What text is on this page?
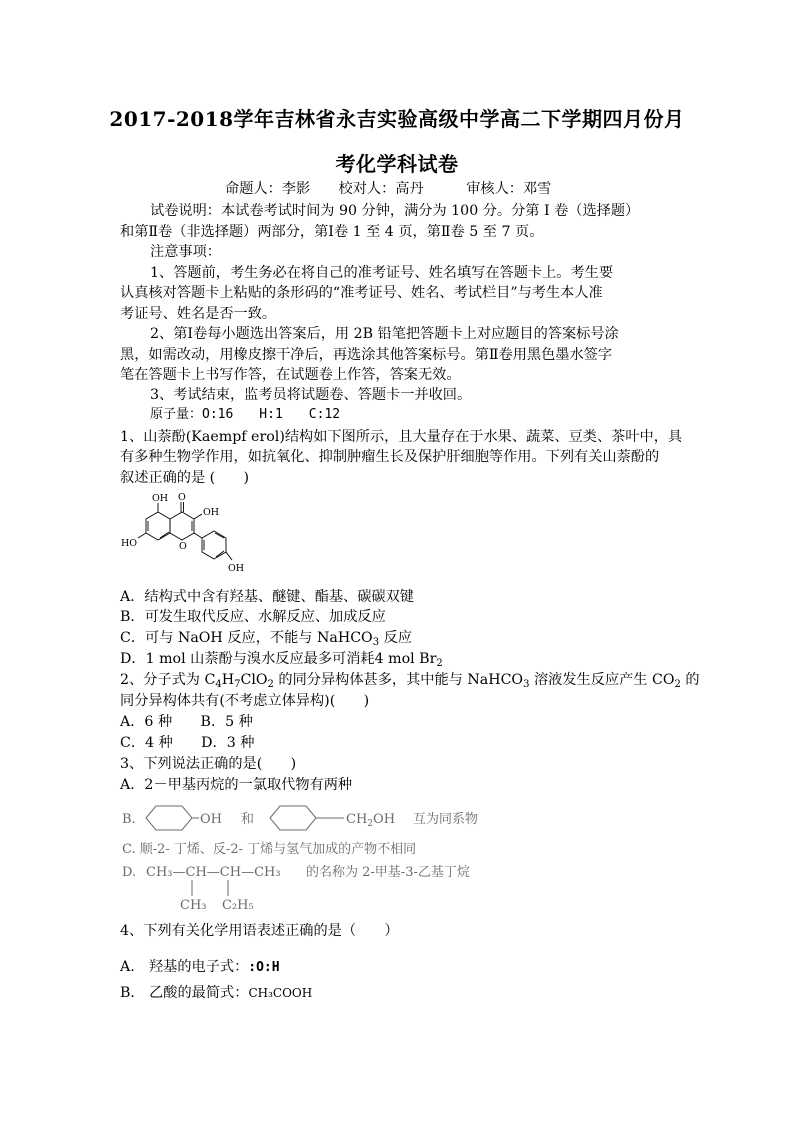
2017-2018学年吉林省永吉实验高级中学高二下学期四月份月
考化学科试卷
命题人：李影　　校对人：高丹　　　审核人：邓雪
试卷说明：本试卷考试时间为 90 分钟，满分为 100 分。分第 I 卷（选择题）
和第Ⅱ卷（非选择题）两部分，第Ⅰ卷 1 至 4 页，第Ⅱ卷 5 至 7 页。
注意事项：
1、答题前，考生务必在将自己的准考证号、姓名填写在答题卡上。考生要
认真核对答题卡上粘贴的条形码的“准考证号、姓名、考试栏目”与考生本人准
考证号、姓名是否一致。
2、第Ⅰ卷每小题选出答案后，用 2B 铅笔把答题卡上对应题目的答案标号涂
黑，如需改动，用橡皮擦干净后，再选涂其他答案标号。第Ⅱ卷用黑色墨水签字
笔在答题卡上书写作答，在试题卷上作答，答案无效。
3、考试结束，监考员将试题卷、答题卡一并收回。
原子量：O:16　　H:1　　C:12
1、山萘酚(Kaempf erol)结构如下图所示，且大量存在于水果、蔬菜、豆类、茶叶中，具
有多种生物学作用，如抗氧化、抑制肿瘤生长及保护肝细胞等作用。下列有关山萘酚的
叙述正确的是 (　　)
OH O
OH
HO	O
OH
A．结构式中含有羟基、醚键、酯基、碳碳双键
B．可发生取代反应、水解反应、加成反应
C．可与 NaOH 反应，不能与 NaHCO$_3$ 反应
D．1 mol 山萘酚与溴水反应最多可消耗4 mol $Br_2$
2、分子式为 $C_4H_7ClO_2$ 的同分异构体甚多，其中能与 NaHCO$_3$ 溶液发生反应产生 $CO_2$ 的
同分异构体共有(不考虑立体异构)(　　)
A．6 种　　B．5 种
C．4 种　　D．3 种
3、下列说法正确的是(　　)
A．2－甲基丙烷的一氯取代物有两种
B.	OH 和	$CH_2OH$ 互为同系物
C. 顺-2- 丁烯、反-2- 丁烯与氢气加成的产物不相同
D. CH₃—CH—CH—CH₃ 的名称为 2-甲基-3-乙基丁烷
CH₃ C₂H₅
4、下列有关化学用语表述正确的是（　　）
A.　羟基的电子式：:O:H
B.　乙酸的最简式：CH₃COOH
